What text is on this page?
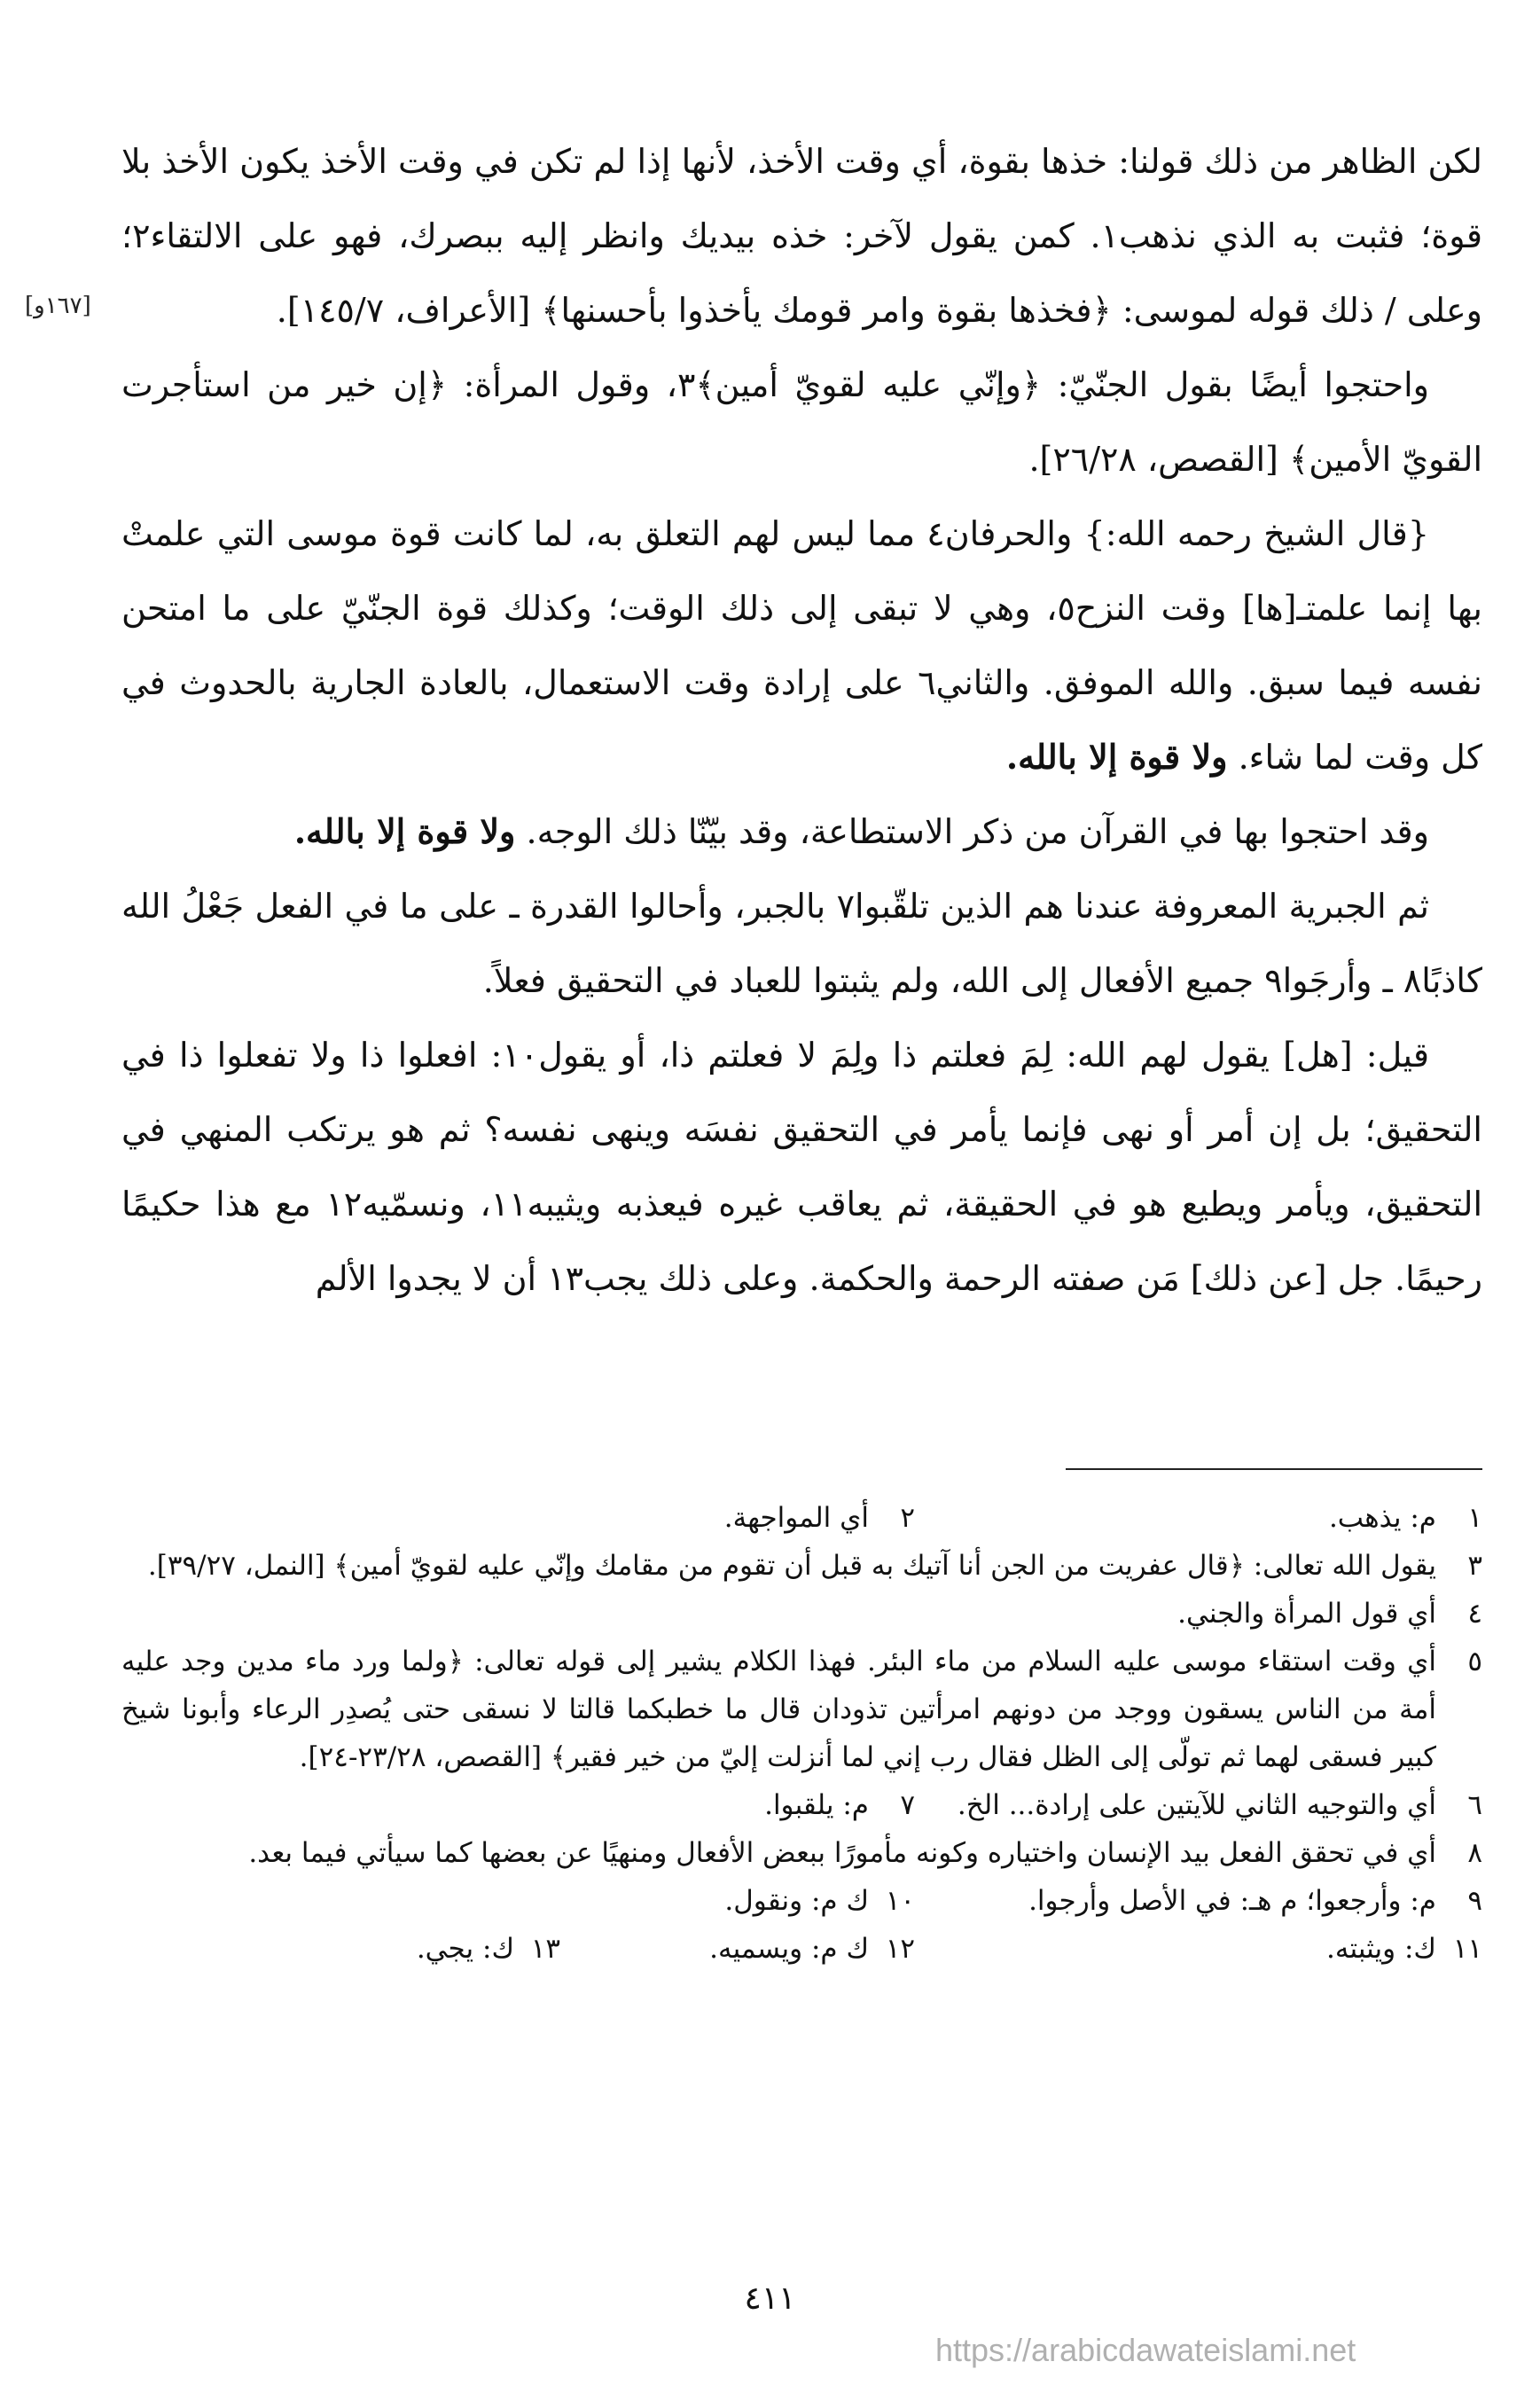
[١٦٧و]

لكن الظاهر من ذلك قولنا: خذها بقوة، أي وقت الأخذ، لأنها إذا لم تكن في وقت الأخذ يكون الأخذ بلا قوة؛ فثبت به الذي نذهب١. كمن يقول لآخر: خذه بيديك وانظر إليه ببصرك، فهو على الالتقاء٢؛ وعلى / ذلك قوله لموسى: ﴿فخذها بقوة وامر قومك يأخذوا بأحسنها﴾ [الأعراف، ١٤٥/٧].

واحتجوا أيضًا بقول الجنّيّ: ﴿وإنّي عليه لقويّ أمين﴾٣، وقول المرأة: ﴿إن خير من استأجرت القويّ الأمين﴾ [القصص، ٢٦/٢٨].

{قال الشيخ رحمه الله:} والحرفان٤ مما ليس لهم التعلق به، لما كانت قوة موسى التي علمتْ بها إنما علمتـ[ها] وقت النزح٥، وهي لا تبقى إلى ذلك الوقت؛ وكذلك قوة الجنّيّ على ما امتحن نفسه فيما سبق. والله الموفق. والثاني٦ على إرادة وقت الاستعمال، بالعادة الجارية بالحدوث في كل وقت لما شاء. ولا قوة إلا بالله.

وقد احتجوا بها في القرآن من ذكر الاستطاعة، وقد بيّنّا ذلك الوجه. ولا قوة إلا بالله.

ثم الجبرية المعروفة عندنا هم الذين تلقّبوا٧ بالجبر، وأحالوا القدرة ـ على ما في الفعل جَعْلُ الله كاذبًا٨ ـ وأرجَوا٩ جميع الأفعال إلى الله، ولم يثبتوا للعباد في التحقيق فعلاً.

قيل: [هل] يقول لهم الله: لِمَ فعلتم ذا ولِمَ لا فعلتم ذا، أو يقول١٠: افعلوا ذا ولا تفعلوا ذا في التحقيق؛ بل إن أمر أو نهى فإنما يأمر في التحقيق نفسَه وينهى نفسه؟ ثم هو يرتكب المنهي في التحقيق، ويأمر ويطيع هو في الحقيقة، ثم يعاقب غيره فيعذبه ويثيبه١١، ونسمّيه١٢ مع هذا حكيمًا رحيمًا. جل [عن ذلك] مَن صفته الرحمة والحكمة. وعلى ذلك يجب١٣ أن لا يجدوا الألم

١
م: يذهب.
٢
أي المواجهة.
٣
يقول الله تعالى: ﴿قال عفريت من الجن أنا آتيك به قبل أن تقوم من مقامك وإنّي عليه لقويّ أمين﴾ [النمل، ٣٩/٢٧].
٤
أي قول المرأة والجني.
٥
أي وقت استقاء موسى عليه السلام من ماء البئر. فهذا الكلام يشير إلى قوله تعالى: ﴿ولما ورد ماء مدين وجد عليه أمة من الناس يسقون ووجد من دونهم امرأتين تذودان قال ما خطبكما قالتا لا نسقى حتى يُصدِر الرعاء وأبونا شيخ كبير فسقى لهما ثم تولّى إلى الظل فقال رب إني لما أنزلت إليّ من خير فقير﴾ [القصص، ٢٣/٢٨-٢٤].
٦
أي والتوجيه الثاني للآيتين على إرادة... الخ.
٧
م: يلقبوا.
٨
أي في تحقق الفعل بيد الإنسان واختياره وكونه مأمورًا ببعض الأفعال ومنهيًا عن بعضها كما سيأتي فيما بعد.
٩
م: وأرجعوا؛ م هـ: في الأصل وأرجوا.
١٠
ك م: ونقول.
١١
ك: ويثبته.
١٢
ك م: ويسميه.
١٣
ك: يجي.
٤١١
https://arabicdawateislami.net
